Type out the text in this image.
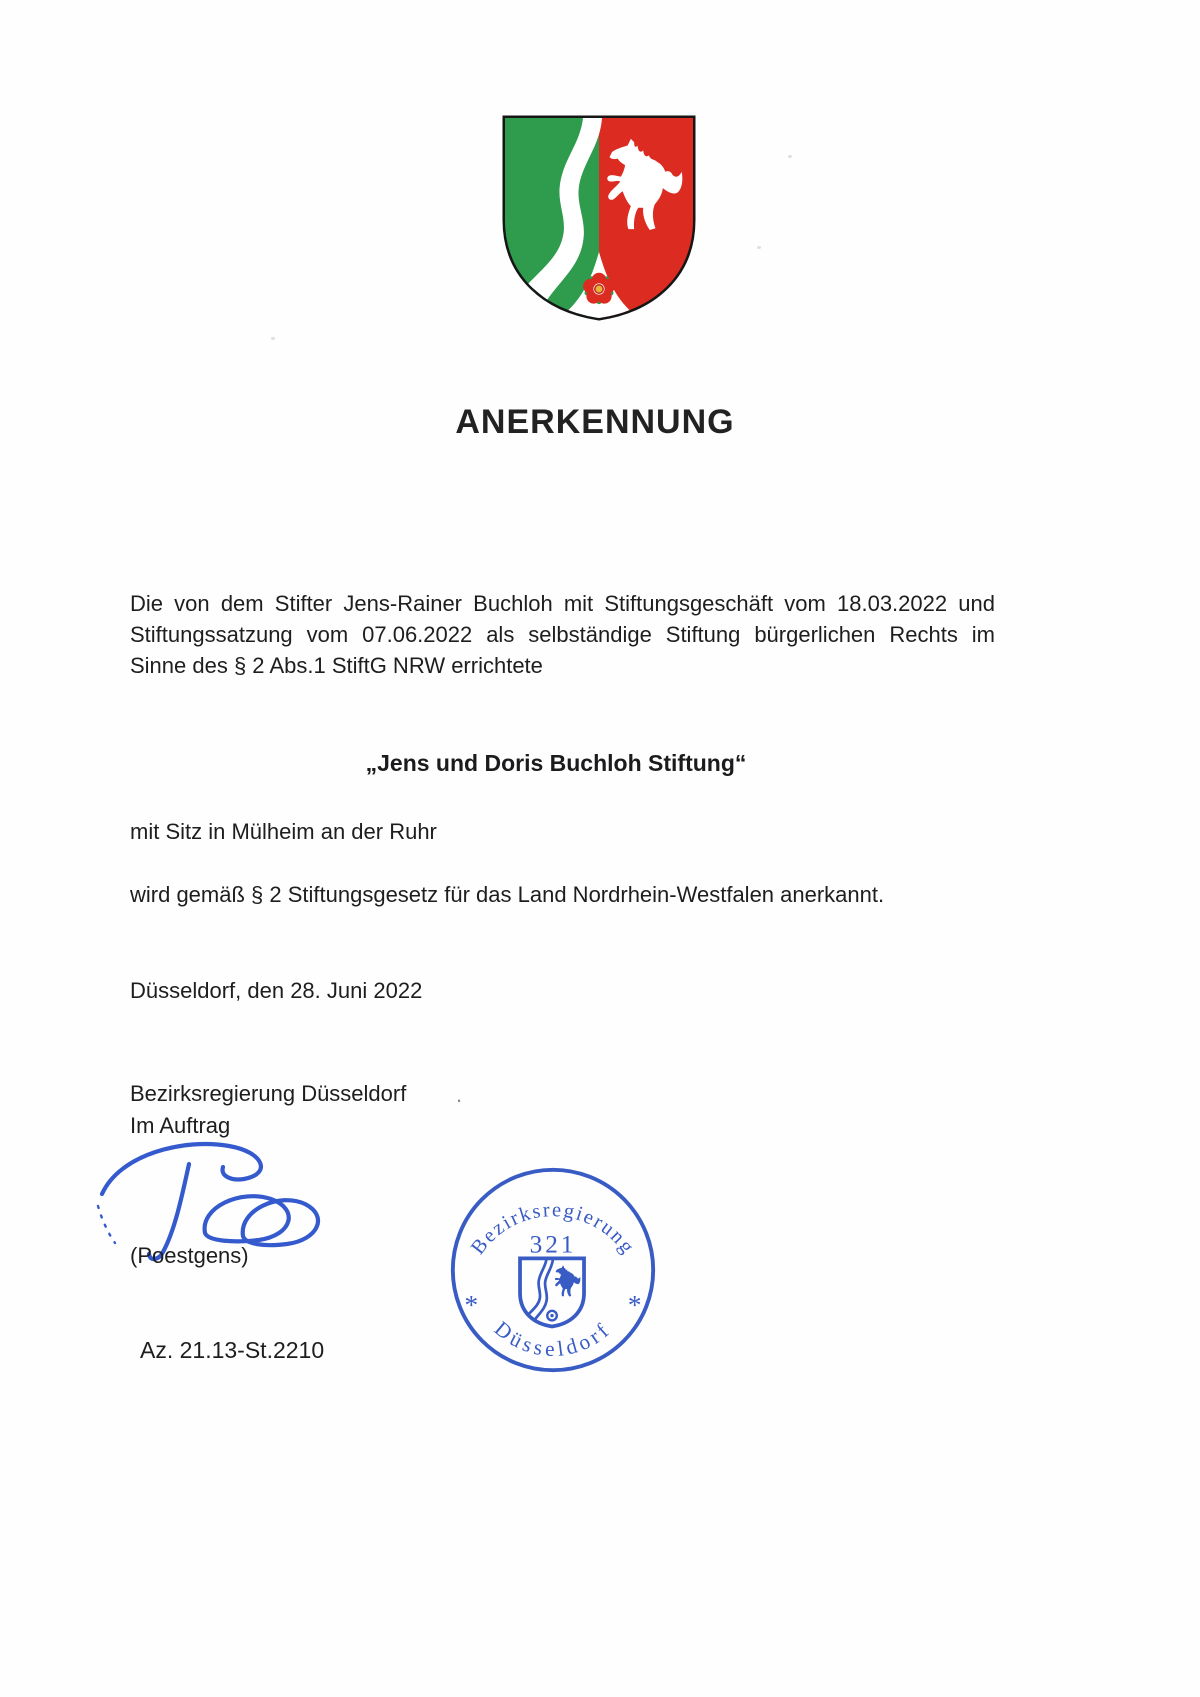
ANERKENNUNG
Die von dem Stifter Jens-Rainer Buchloh mit Stiftungsgeschäft vom 18.03.2022 und
Stiftungssatzung vom 07.06.2022 als selbständige Stiftung bürgerlichen Rechts im
Sinne des § 2 Abs.1 StiftG NRW errichtete
„Jens und Doris Buchloh Stiftung“
mit Sitz in Mülheim an der Ruhr
wird gemäß § 2 Stiftungsgesetz für das Land Nordrhein-Westfalen anerkannt.
Düsseldorf, den 28. Juni 2022
Bezirksregierung Düsseldorf	.
Im Auftrag
(Poestgens)	Bezirksregierung
321
*	*
Düsseldorf
Az. 21.13-St.2210
